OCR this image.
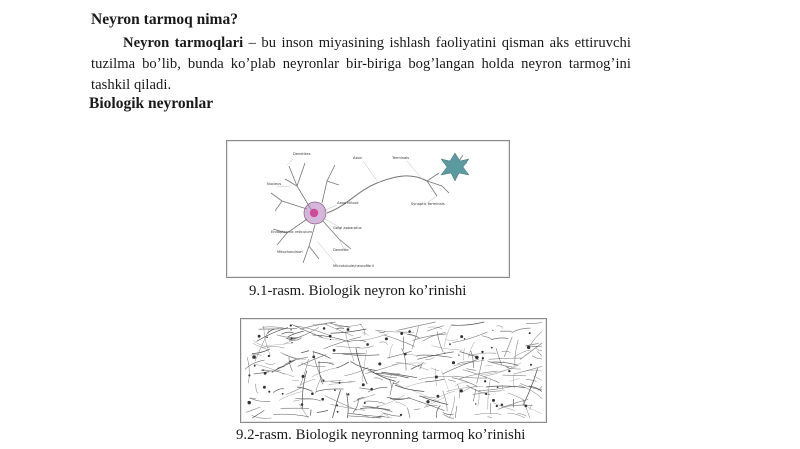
Neyron tarmoq nima?

Neyron tarmoqlari – bu inson miyasining ishlash faoliyatini qisman aks ettiruvchi tuzilma boʼlib, bunda koʼplab neyronlar bir-biriga bogʼlangan holda neyron tarmogʼini tashkil qiladi.

Biologik neyronlar
Dendrites
Axon	Terminals
Nucleus
Axon hillock
Endoplasmic reticulum
Mitochondrion
Golgi apparatus
Synaptic terminals
Dendrite
Microtubule/neurofibril

9.1-rasm. Biologik neyron koʼrinishi

9.2-rasm. Biologik neyronning tarmoq koʼrinishi
